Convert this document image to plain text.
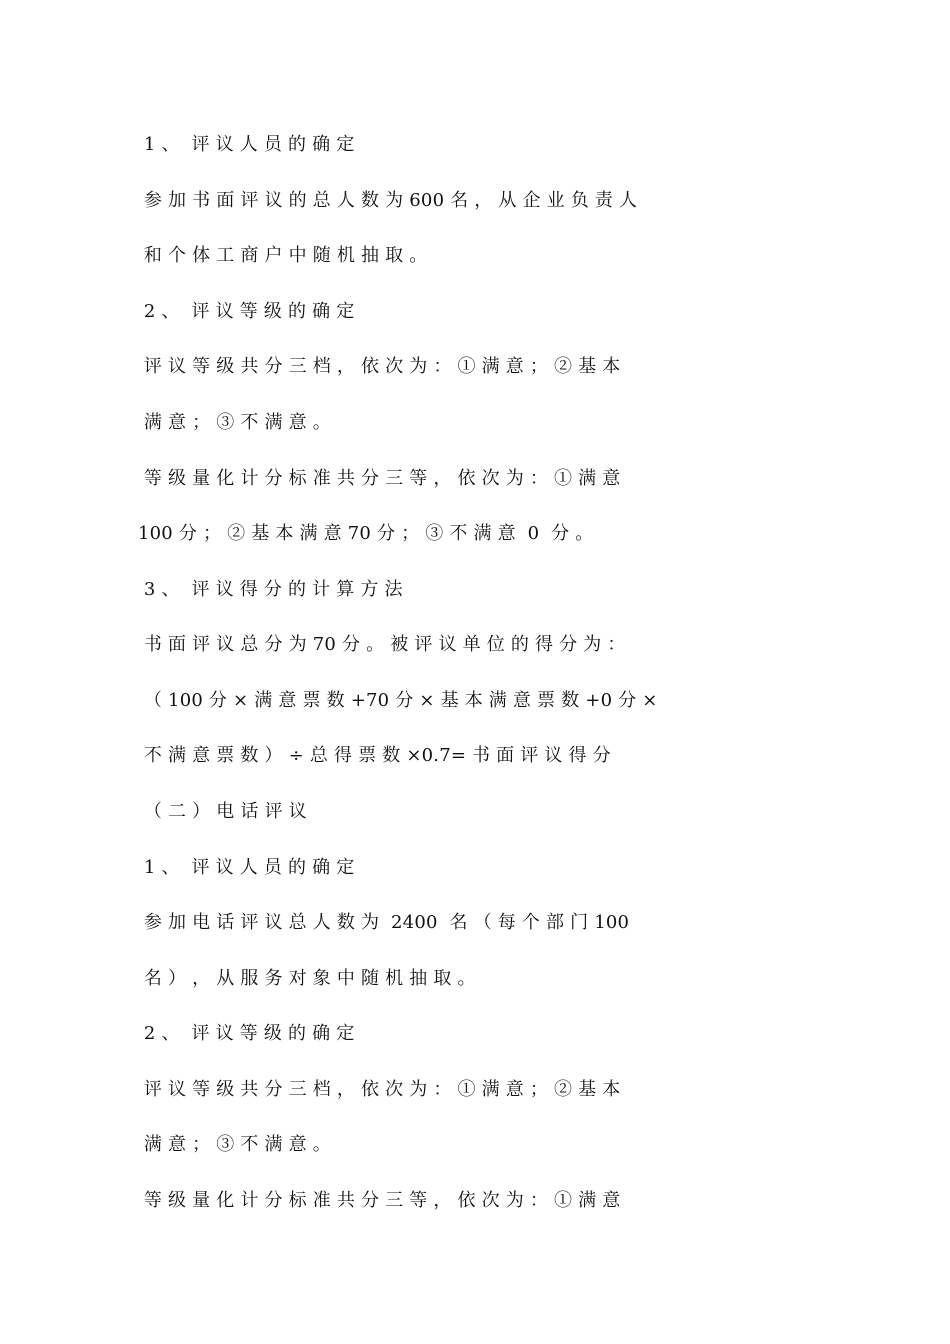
1 、  评 议 人 员 的 确 定
参 加 书 面 评 议 的 总 人 数 为 600 名 ， 从 企 业 负 责 人
和 个 体 工 商 户 中 随 机 抽 取 。
2 、  评 议 等 级 的 确 定
评 议 等 级 共 分 三 档 ， 依 次 为 ： ① 满 意 ； ② 基 本
满 意 ； ③ 不 满 意 。
等 级 量 化 计 分 标 准 共 分 三 等 ， 依 次 为 ： ① 满 意
100 分 ； ② 基 本 满 意 70 分 ； ③ 不 满 意  0  分 。
3 、  评 议 得 分 的 计 算 方 法
书 面 评 议 总 分 为 70 分 。 被 评 议 单 位 的 得 分 为 ：
（ 100 分 × 满 意 票 数 +70 分 × 基 本 满 意 票 数 +0 分 ×
不 满 意 票 数 ） ÷ 总 得 票 数 ×0.7= 书 面 评 议 得 分
（ 二 ） 电 话 评 议
1 、  评 议 人 员 的 确 定
参 加 电 话 评 议 总 人 数 为  2400  名 （ 每 个 部 门 100
名 ） ， 从 服 务 对 象 中 随 机 抽 取 。
2 、  评 议 等 级 的 确 定
评 议 等 级 共 分 三 档 ， 依 次 为 ： ① 满 意 ； ② 基 本
满 意 ； ③ 不 满 意 。
等 级 量 化 计 分 标 准 共 分 三 等 ， 依 次 为 ： ① 满 意
